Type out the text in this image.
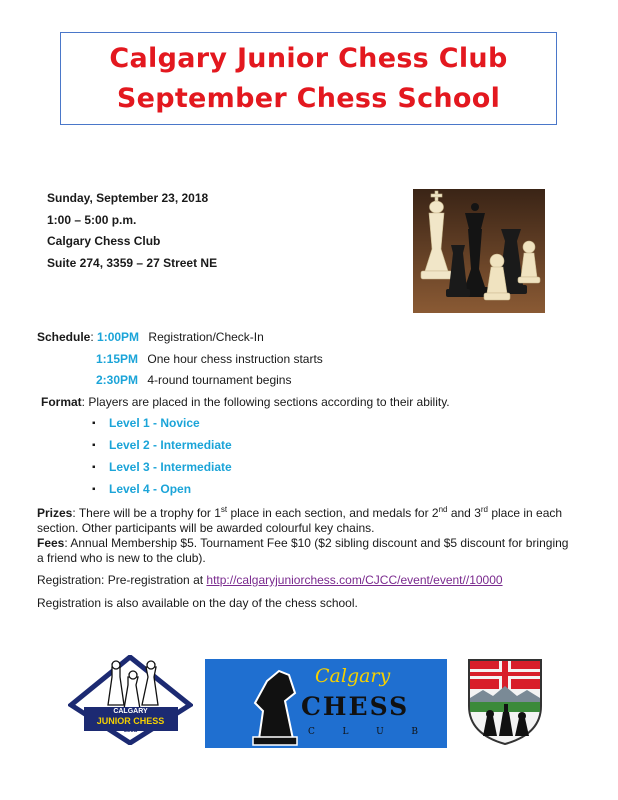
Calgary Junior Chess Club
September Chess School
Sunday, September 23, 2018
1:00 – 5:00 p.m.
Calgary Chess Club
Suite 274, 3359 – 27 Street NE
Schedule: 1:00PM Registration/Check-In
1:15PM One hour chess instruction starts
2:30PM 4-round tournament begins
Format: Players are placed in the following sections according to their ability.
▪ Level 1 - Novice
▪ Level 2 - Intermediate
▪ Level 3 - Intermediate
▪ Level 4 - Open
Prizes: There will be a trophy for 1st place in each section, and medals for 2nd and 3rd place in each
section. Other participants will be awarded colourful key chains.
Fees: Annual Membership $5. Tournament Fee $10 ($2 sibling discount and $5 discount for bringing
a friend who is new to the club).
Registration: Pre-registration at http://calgaryjuniorchess.com/CJCC/event/event//10000
Registration is also available on the day of the chess school.
CALGARY
JUNIOR CHESS
CLUB
Calgary
CHESS
C	L	U	B
